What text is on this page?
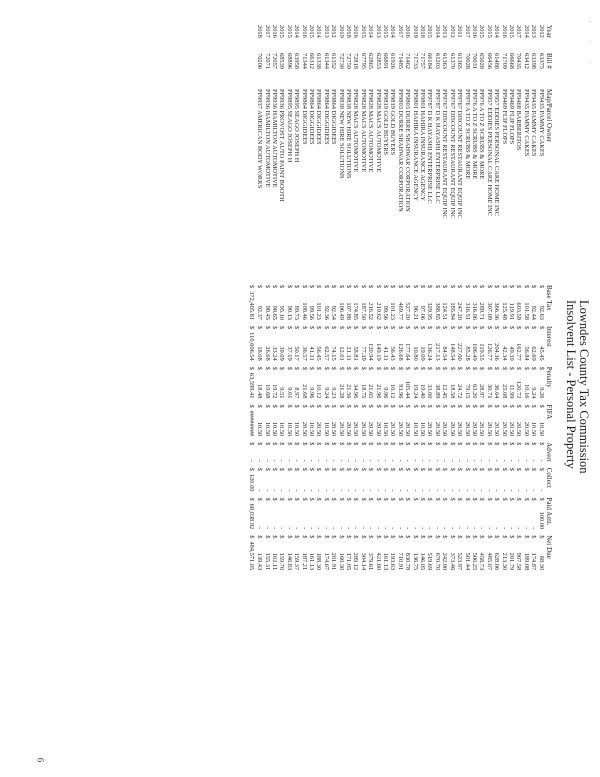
· · ·
Lowndes County Tax Commission
Insolvent List - Personal Property
Year	Bill #	Map/Parcel Owner	Base Tax		Interest		Penalty		FIFA		Advert		Collect		Paid Amt.		Net Due	
2012	63375	PP9435 PAMMY CAKES	$	92.63	$	45.45	$	9.26	$	10.50	$	-	$	-	$	100.00	$	68.30
2013	63398	PP9435 PAMMY CAKES	$	92.44	$	62.69	$	9.24	$	10.50	$	-	$	-	$	-	$	174.87
2014	63412	PP9435 PAMMY CAKES	$	101.58	$	56.84	$	10.16	$	20.50	$	-	$	-	$	-	$	189.08
2017	70435	PP9468 BARBERITOS	$	603.59	$	162.77	$	120.72	$	20.50	$	-	$	-	$	-	$	907.58
2015	66668	PP9469 FLIP FLOPS	$	119.91	$	49.39	$	11.99	$	20.50	$	-	$	-	$	-	$	201.79
2016	71709	PP9469 FLIP FLOPS	$	125.48	$	42.34	$	25.08	$	20.50	$	-	$	-	$	-	$	213.30
2014	61488	PP957 EDDIES PERSONAL CARE HOME INC	$	366.36	$	204.36	$	36.64	$	20.50	$	-	$	-	$	-	$	628.06
2015	66456	PP957 EDDIES PERSONAL CARE HOME INC	$	307.09	$	126.77	$	30.71	$	20.50	$	-	$	-	$	-	$	485.07
2015	65028	PP976 A TO Z SCRUBS & MORE	$	289.71	$	119.55	$	28.97	$	20.50	$	-	$	-	$	-	$	458.73
2016	70031	PP976 A TO Z SCRUBS & MORE	$	316.06	$	106.49	$	63.20	$	20.50	$	-	$	-	$	-	$	506.25
2017	70028	PP976 A TO Z SCRUBS & MORE	$	316.51	$	85.28	$	79.15	$	20.50	$	-	$	-	$	-	$	501.44
2011	61365	PP9767 DISCOUNT RESTAURANT EQUIP INC	$	247.20	$	227.00	$	24.72	$	20.50	$	-	$	-	$	-	$	523.97
2012	61370	PP9767 DISCOUNT RESTAURANT EQUIP INC	$	185.84	$	148.54	$	18.58	$	20.50	$	-	$	-	$	-	$	373.46
2013	61363	PP9767 DISCOUNT RESTAURANT EQUIP INC	$	124.51	$	84.54	$	12.45	$	20.50	$	-	$	-	$	-	$	242.00
2014	61203	PP9787 D K HAYASHI ENTERPRISE LLC	$	388.85	$	217.13	$	38.89	$	20.50	$	-	$	-	$	-	$	670.70
2015	66184	PP9787 D K HAYASHI ENTERPRISE LLC	$	329.95	$	136.24	$	33.00	$	20.50	$	-	$	-	$	-	$	519.69
2018	71757	PP9801 HAHIRA INSURANCE AGENCY	$	97.06	$	19.09	$	19.40	$	10.50	$	-	$	-	$	-	$	146.05
2019	71733	PP9801 HAHIRA INSURANCE AGENCY	$	96.21	$	10.80	$	19.24	$	10.50	$	-	$	-	$	-	$	136.75
2016	71462	PP9803 DURRE SHAHWAR CORPORATION	$	527.20	$	177.64	$	105.44	$	20.50	$	-	$	-	$	-	$	830.78
2017	71485	PP9803 DURRE SHAHWAR CORPORATION	$	469.77	$	126.68	$	93.96	$	20.50	$	-	$	-	$	-	$	710.91
2014	61926	PP9819 GOLD BUYERS	$	101.23	$	56.43	$	10.12	$	20.50	$	-	$	-	$	-	$	193.63
2015	66891	PP9819 GOLD BUYERS	$	99.56	$	41.11	$	9.96	$	10.50	$	-	$	-	$	-	$	161.13
2013	62853	PP9828 MACS AUTOMOTIVE	$	219.62	$	149.19	$	21.96	$	20.50	$	-	$	-	$	-	$	421.60
2014	62865	PP9828 MACS AUTOMOTIVE	$	216.52	$	120.94	$	21.65	$	20.50	$	-	$	-	$	-	$	379.61
2015	67795	PP9828 MACS AUTOMOTIVE	$	187.50	$	77.39	$	18.75	$	20.50	$	-	$	-	$	-	$	304.14
2016	72818	PP9828 MACS AUTOMOTIVE	$	174.85	$	58.81	$	34.96	$	20.50	$	-	$	-	$	-	$	289.12
2018	72759	PP9838 NEW HIRE SOLUTIONS	$	107.88	$	21.11	$	21.56	$	20.50	$	-	$	-	$	-	$	171.05
2019	72730	PP9838 NEW HIRE SOLUTIONS	$	106.49	$	12.01	$	21.28	$	20.50	$	-	$	-	$	-	$	160.30
2012	61352	PP9864 DIGGIDEES	$	92.54	$	74.15	$	9.23	$	20.50	$	-	$	-	$	-	$	201.91
2013	61344	PP9864 DIGGIDEES	$	92.36	$	62.57	$	9.24	$	10.50	$	-	$	-	$	-	$	174.67
2014	61338	PP9864 DIGGIDEES	$	101.23	$	56.45	$	10.12	$	20.50	$	-	$	-	$	-	$	188.30
2015	66312	PP9864 DIGGIDEES	$	99.56	$	41.11	$	9.96	$	10.50	$	-	$	-	$	-	$	161.13
2016	71344	PP9864 DIGGIDEES	$	108.46	$	36.57	$	21.68	$	20.50	$	-	$	-	$	-	$	187.21
2014	63958	PP9895 SEAGO JOSEPH H	$	89.73	$	50.17	$	8.97	$	10.50	$	-	$	-	$	-	$	159.37
2015	68896	PP9895 SEAGO JOSEPH H	$	90.13	$	37.19	$	9.01	$	10.50	$	-	$	-	$	-	$	146.83
2015	68539	PP9936 PROVOST AUTO PAINT BOOTH	$	95.10	$	39.09	$	9.51	$	10.50	$	-	$	-	$	-	$	159.70
2016	72057	PP9936 HAMILTON AUTOMOTIVE	$	98.65	$	33.24	$	19.72	$	10.50	$	-	$	-	$	-	$	162.11
2017	72071	PP9936 HAMILTON AUTOMOTIVE	$	98.45	$	26.68	$	19.68	$	10.50	$	-	$	-	$	-	$	155.31
2018	70206	PP9937 AMERICAN BODY WORKS	$	92.37	$	18.08	$	18.48	$	10.50	$	-	$	-	$	-	$	139.43
			$	372,405.81	$	110,606.54	$	63,599.41	$	########	$	-	$	120.00	$	68,038.92	$	484,571.05
6
